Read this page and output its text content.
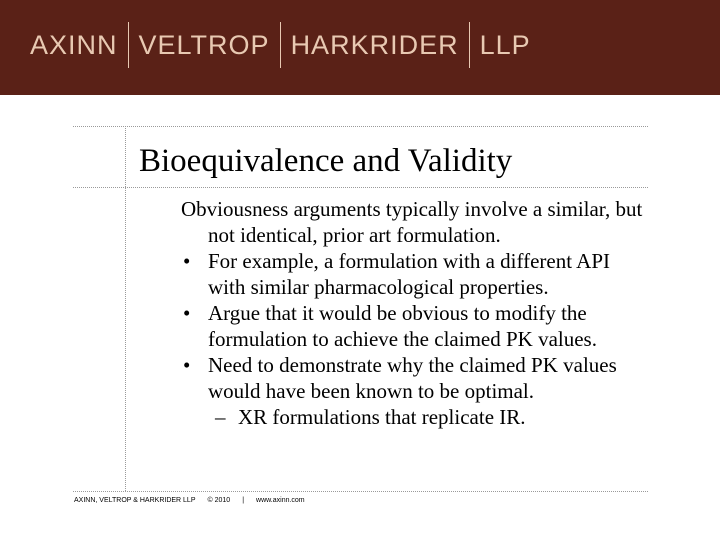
AXINN VELTROP HARKRIDER LLP
Bioequivalence and Validity

Obviousness arguments typically involve a similar, but not identical, prior art formulation.

• For example, a formulation with a different API with similar pharmacological properties.

• Argue that it would be obvious to modify the formulation to achieve the claimed PK values.

• Need to demonstrate why the claimed PK values would have been known to be optimal.

– XR formulations that replicate IR.

AXINN, VELTROP & HARKRIDER LLP © 2010 | www.axinn.com
